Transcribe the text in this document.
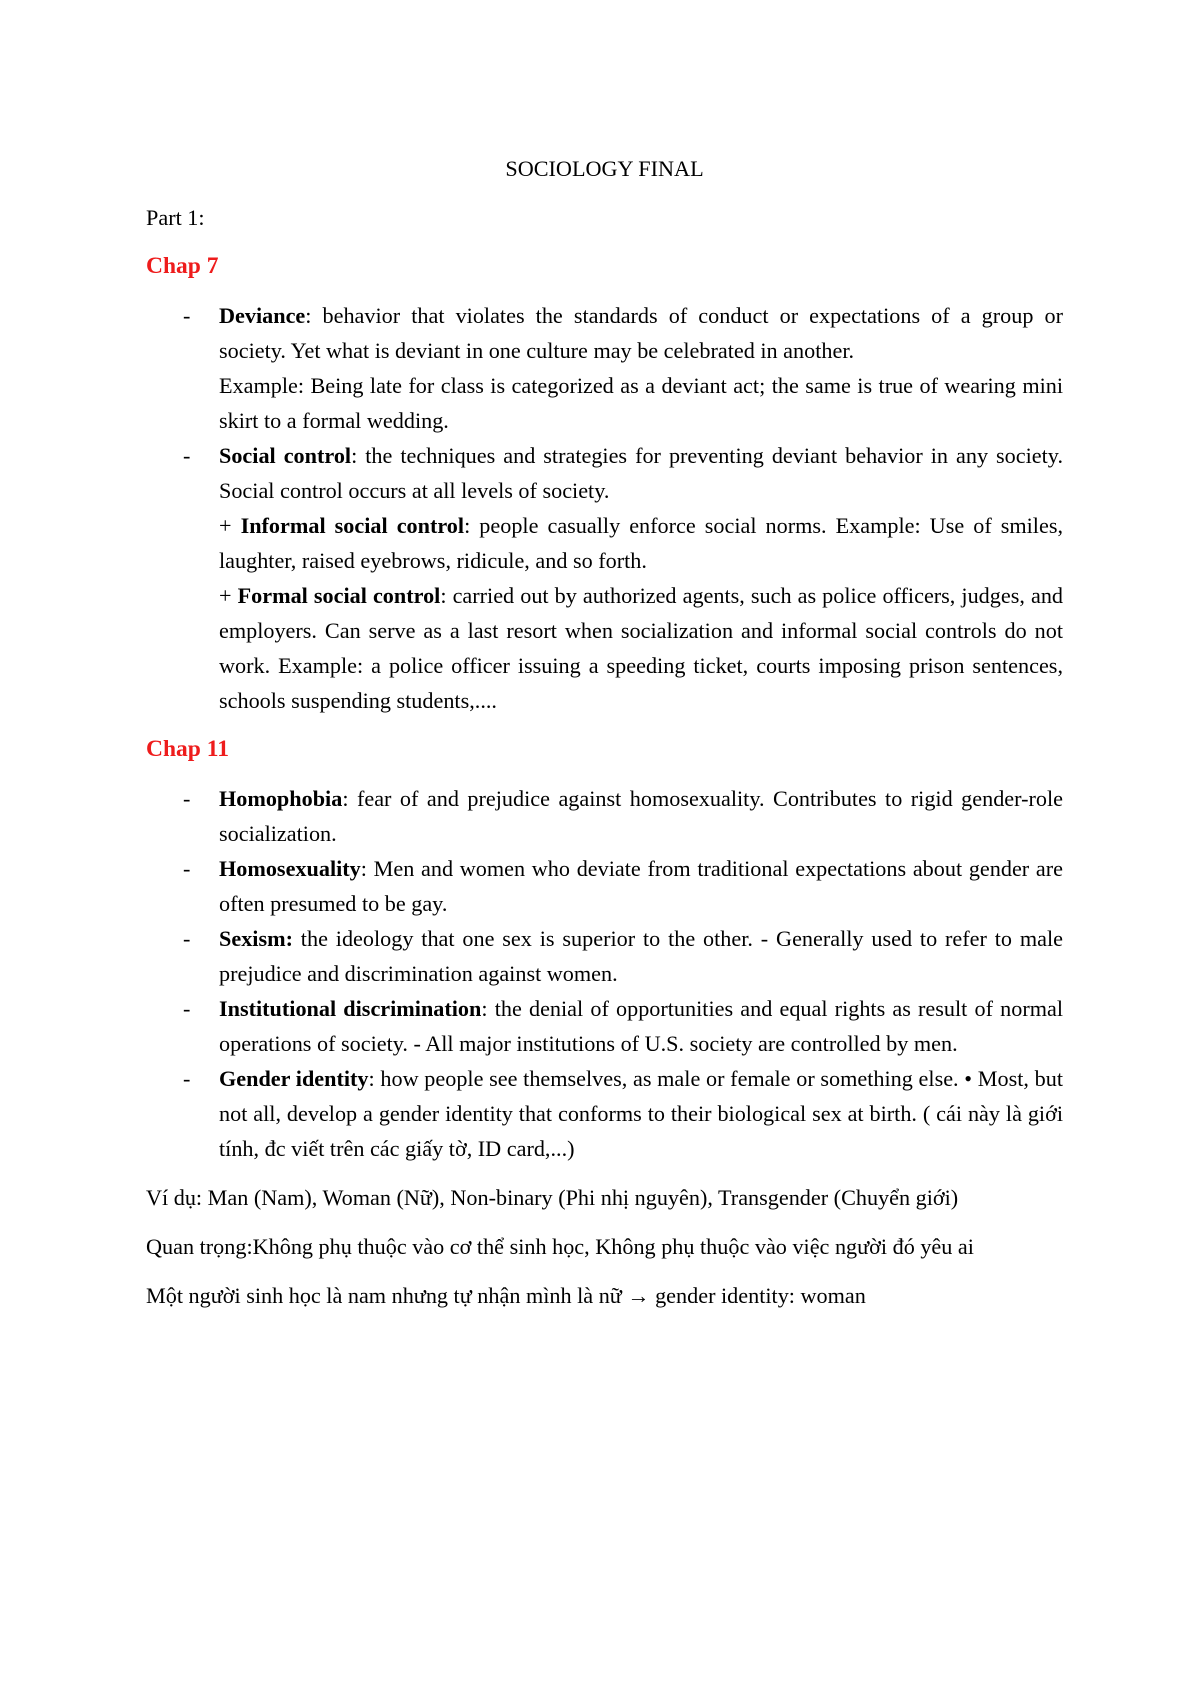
SOCIOLOGY FINAL
Part 1:
Chap 7
- Deviance: behavior that violates the standards of conduct or expectations of a group or society. Yet what is deviant in one culture may be celebrated in another.
Example: Being late for class is categorized as a deviant act; the same is true of wearing mini skirt to a formal wedding.
- Social control: the techniques and strategies for preventing deviant behavior in any society. Social control occurs at all levels of society.
+ Informal social control: people casually enforce social norms. Example: Use of smiles, laughter, raised eyebrows, ridicule, and so forth.
+ Formal social control: carried out by authorized agents, such as police officers, judges, and employers. Can serve as a last resort when socialization and informal social controls do not work. Example: a police officer issuing a speeding ticket, courts imposing prison sentences, schools suspending students,....
Chap 11
- Homophobia: fear of and prejudice against homosexuality. Contributes to rigid gender-role socialization.
- Homosexuality: Men and women who deviate from traditional expectations about gender are often presumed to be gay.
- Sexism: the ideology that one sex is superior to the other. - Generally used to refer to male prejudice and discrimination against women.
- Institutional discrimination: the denial of opportunities and equal rights as result of normal operations of society. - All major institutions of U.S. society are controlled by men.
- Gender identity: how people see themselves, as male or female or something else. • Most, but not all, develop a gender identity that conforms to their biological sex at birth. ( cái này là giới tính, đc viết trên các giấy tờ, ID card,...)

Ví dụ: Man (Nam), Woman (Nữ), Non-binary (Phi nhị nguyên), Transgender (Chuyển giới)

Quan trọng:Không phụ thuộc vào cơ thể sinh học, Không phụ thuộc vào việc người đó yêu ai

Một người sinh học là nam nhưng tự nhận mình là nữ → gender identity: woman
